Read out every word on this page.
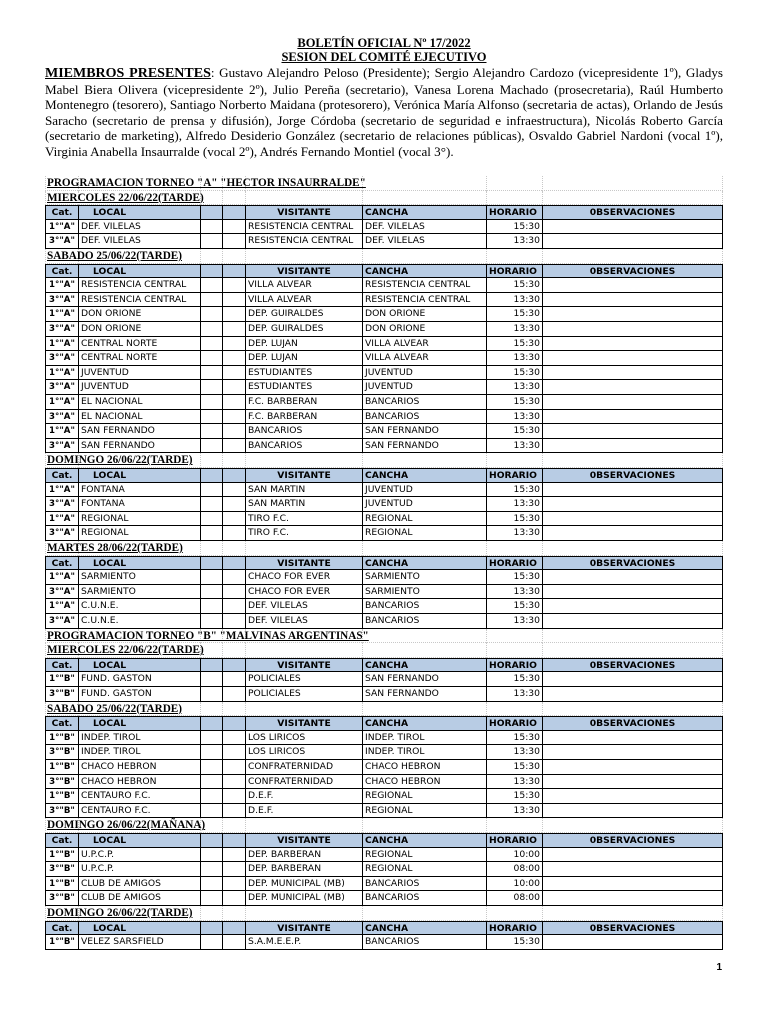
BOLETÍN OFICIAL Nº 17/2022
SESION DEL COMITÉ EJECUTIVO
MIEMBROS PRESENTES: Gustavo Alejandro Peloso (Presidente); Sergio Alejandro Cardozo (vicepresidente 1º), Gladys Mabel Biera Olivera (vicepresidente 2º), Julio Pereña (secretario), Vanesa Lorena Machado (prosecretaria), Raúl Humberto Montenegro (tesorero), Santiago Norberto Maidana (protesorero), Verónica María Alfonso (secretaria de actas), Orlando de Jesús Saracho (secretario de prensa y difusión), Jorge Córdoba (secretario de seguridad e infraestructura), Nicolás Roberto García (secretario de marketing), Alfredo Desiderio González (secretario de relaciones públicas), Osvaldo Gabriel Nardoni (vocal 1º), Virginia Anabella Insaurralde (vocal 2º), Andrés Fernando Montiel (vocal 3°).
PROGRAMACION TORNEO "A" "HECTOR INSAURRALDE"
MIERCOLES 22/06/22(TARDE)
Cat.	LOCAL	VISITANTE	CANCHA	HORARIO	0BSERVACIONES
1°"A" DEF. VILELAS	RESISTENCIA CENTRAL	DEF. VILELAS	15:30
3°"A" DEF. VILELAS	RESISTENCIA CENTRAL	DEF. VILELAS	13:30
SABADO 25/06/22(TARDE)
Cat.	LOCAL	VISITANTE	CANCHA	HORARIO	0BSERVACIONES
1°"A" RESISTENCIA CENTRAL	VILLA ALVEAR	RESISTENCIA CENTRAL	15:30
3°"A" RESISTENCIA CENTRAL	VILLA ALVEAR	RESISTENCIA CENTRAL	13:30
1°"A" DON ORIONE	DEP. GUIRALDES	DON ORIONE	15:30
3°"A" DON ORIONE	DEP. GUIRALDES	DON ORIONE	13:30
1°"A" CENTRAL NORTE	DEP. LUJAN	VILLA ALVEAR	15:30
3°"A" CENTRAL NORTE	DEP. LUJAN	VILLA ALVEAR	13:30
1°"A" JUVENTUD	ESTUDIANTES	JUVENTUD	15:30
3°"A" JUVENTUD	ESTUDIANTES	JUVENTUD	13:30
1°"A" EL NACIONAL	F.C. BARBERAN	BANCARIOS	15:30
3°"A" EL NACIONAL	F.C. BARBERAN	BANCARIOS	13:30
1°"A" SAN FERNANDO	BANCARIOS	SAN FERNANDO	15:30
3°"A" SAN FERNANDO	BANCARIOS	SAN FERNANDO	13:30
DOMINGO 26/06/22(TARDE)
Cat.	LOCAL	VISITANTE	CANCHA	HORARIO	0BSERVACIONES
1°"A" FONTANA	SAN MARTIN	JUVENTUD	15:30
3°"A" FONTANA	SAN MARTIN	JUVENTUD	13:30
1°"A" REGIONAL	TIRO F.C.	REGIONAL	15:30
3°"A" REGIONAL	TIRO F.C.	REGIONAL	13:30
MARTES 28/06/22(TARDE)
Cat.	LOCAL	VISITANTE	CANCHA	HORARIO	0BSERVACIONES
1°"A" SARMIENTO	CHACO FOR EVER	SARMIENTO	15:30
3°"A" SARMIENTO	CHACO FOR EVER	SARMIENTO	13:30
1°"A" C.U.N.E.	DEF. VILELAS	BANCARIOS	15:30
3°"A" C.U.N.E.	DEF. VILELAS	BANCARIOS	13:30
PROGRAMACION TORNEO "B" "MALVINAS ARGENTINAS"
MIERCOLES 22/06/22(TARDE)
Cat.	LOCAL	VISITANTE	CANCHA	HORARIO	0BSERVACIONES
1°"B" FUND. GASTON	POLICIALES	SAN FERNANDO	15:30
3°"B" FUND. GASTON	POLICIALES	SAN FERNANDO	13:30
SABADO 25/06/22(TARDE)
Cat.	LOCAL	VISITANTE	CANCHA	HORARIO	0BSERVACIONES
1°"B" INDEP. TIROL	LOS LIRICOS	INDEP. TIROL	15:30
3°"B" INDEP. TIROL	LOS LIRICOS	INDEP. TIROL	13:30
1°"B" CHACO HEBRON	CONFRATERNIDAD	CHACO HEBRON	15:30
3°"B" CHACO HEBRON	CONFRATERNIDAD	CHACO HEBRON	13:30
1°"B" CENTAURO F.C.	D.E.F.	REGIONAL	15:30
3°"B" CENTAURO F.C.	D.E.F.	REGIONAL	13:30
DOMINGO 26/06/22(MAÑANA)
Cat.	LOCAL	VISITANTE	CANCHA	HORARIO	0BSERVACIONES
1°"B" U.P.C.P.	DEP. BARBERAN	REGIONAL	10:00
3°"B" U.P.C.P.	DEP. BARBERAN	REGIONAL	08:00
1°"B" CLUB DE AMIGOS	DEP. MUNICIPAL (MB)	BANCARIOS	10:00
3°"B" CLUB DE AMIGOS	DEP. MUNICIPAL (MB)	BANCARIOS	08:00
DOMINGO 26/06/22(TARDE)
Cat.	LOCAL	VISITANTE	CANCHA	HORARIO	0BSERVACIONES
1°"B" VELEZ SARSFIELD	S.A.M.E.E.P.	BANCARIOS	15:30
1
